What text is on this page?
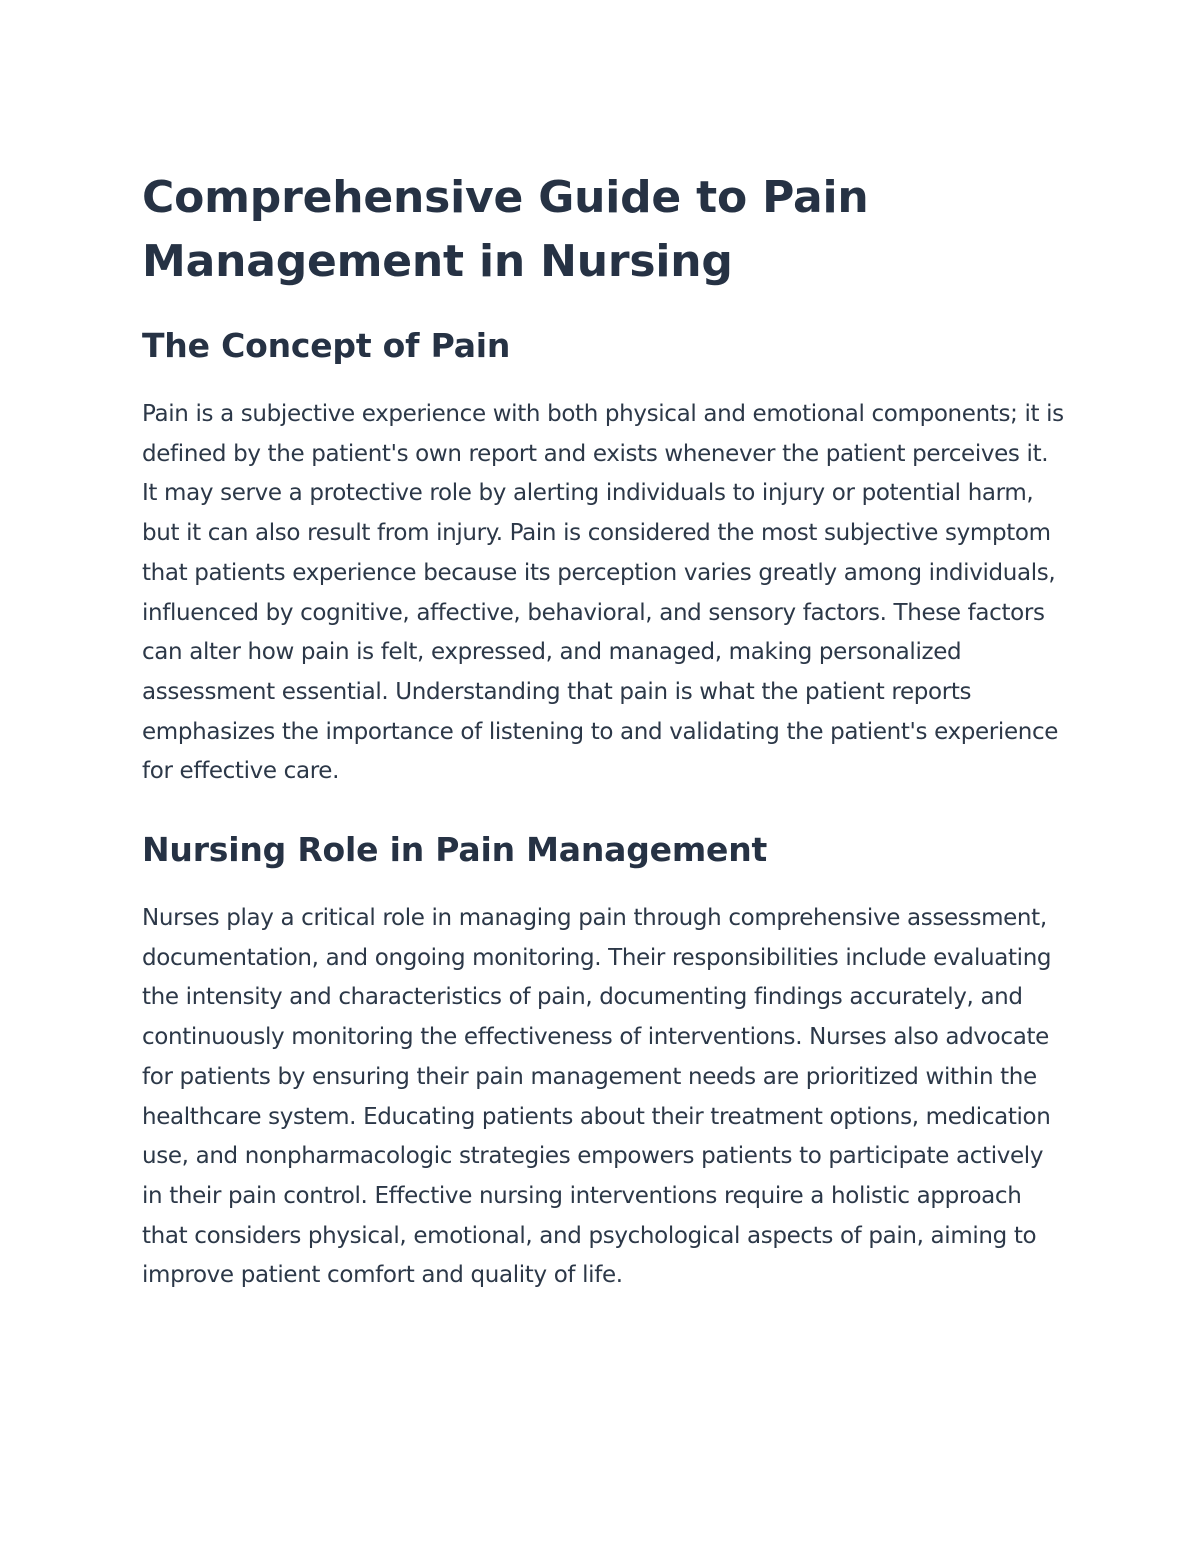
Comprehensive Guide to Pain Management in Nursing
The Concept of Pain

Pain is a subjective experience with both physical and emotional components; it is defined by the patient's own report and exists whenever the patient perceives it. It may serve a protective role by alerting individuals to injury or potential harm, but it can also result from injury. Pain is considered the most subjective symptom that patients experience because its perception varies greatly among individuals, influenced by cognitive, affective, behavioral, and sensory factors. These factors can alter how pain is felt, expressed, and managed, making personalized assessment essential. Understanding that pain is what the patient reports emphasizes the importance of listening to and validating the patient's experience for effective care.

Nursing Role in Pain Management

Nurses play a critical role in managing pain through comprehensive assessment, documentation, and ongoing monitoring. Their responsibilities include evaluating the intensity and characteristics of pain, documenting findings accurately, and continuously monitoring the effectiveness of interventions. Nurses also advocate for patients by ensuring their pain management needs are prioritized within the healthcare system. Educating patients about their treatment options, medication use, and nonpharmacologic strategies empowers patients to participate actively in their pain control. Effective nursing interventions require a holistic approach that considers physical, emotional, and psychological aspects of pain, aiming to improve patient comfort and quality of life.
